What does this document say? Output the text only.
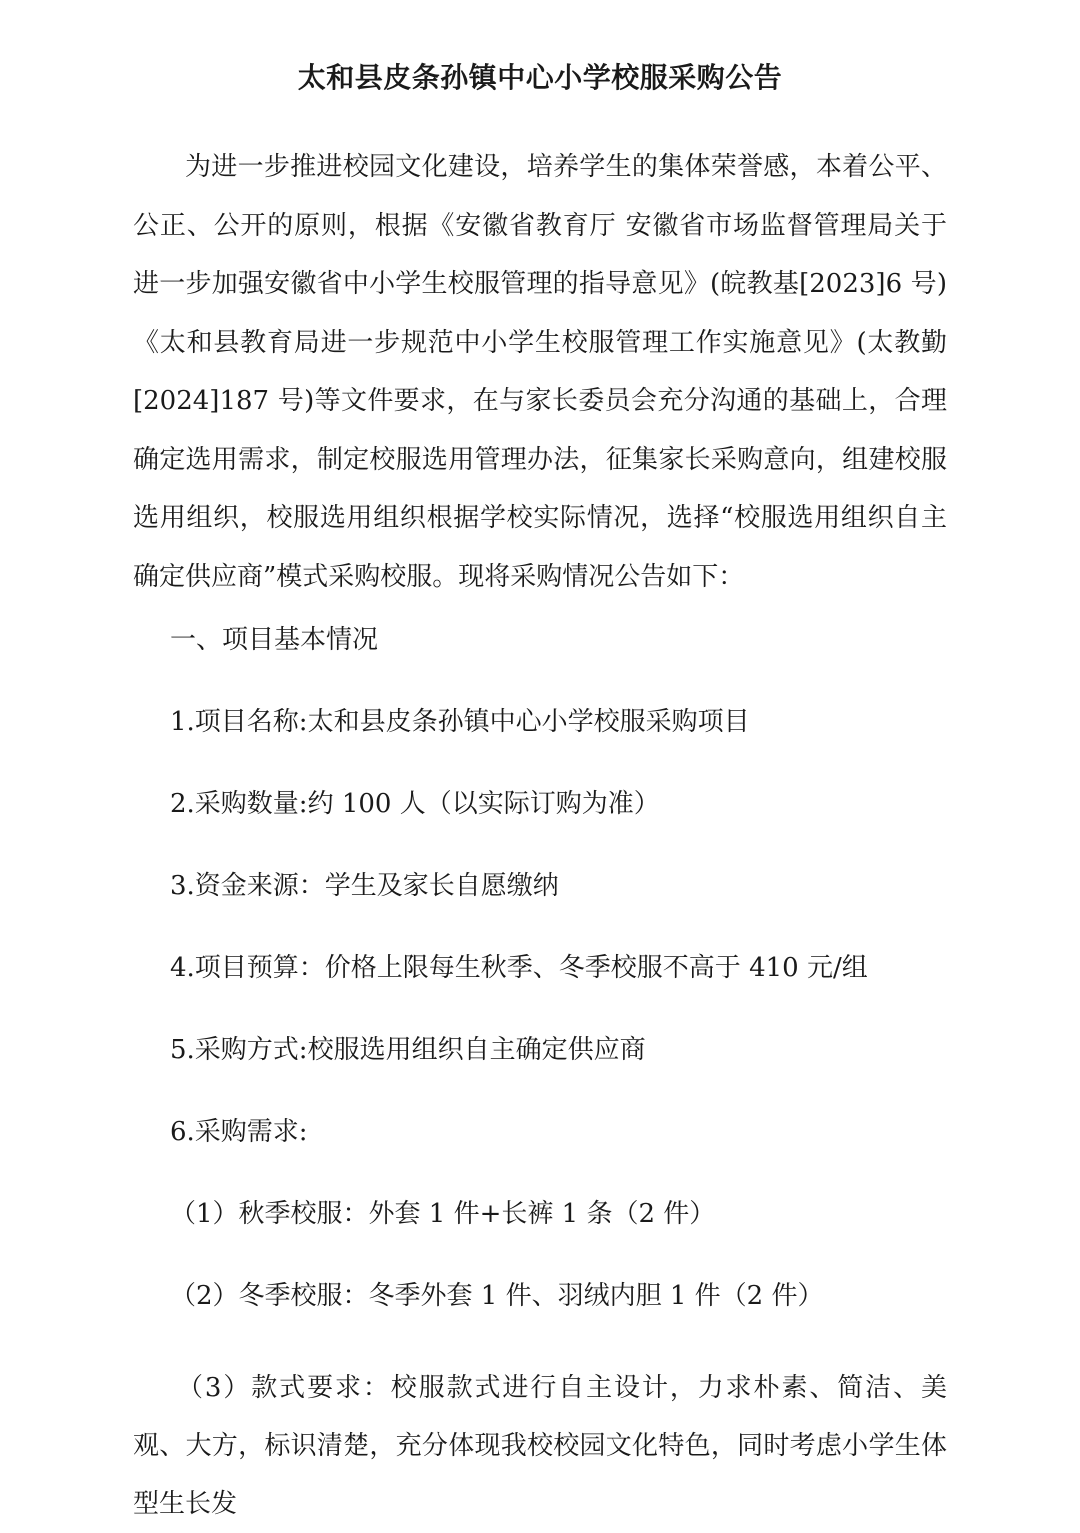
太和县皮条孙镇中心小学校服采购公告

为进一步推进校园文化建设，培养学生的集体荣誉感，本着公平、公正、公开的原则，根据《安徽省教育厅 安徽省市场监督管理局关于进一步加强安徽省中小学生校服管理的指导意见》(皖教基[2023]6 号)《太和县教育局进一步规范中小学生校服管理工作实施意见》(太教勤[2024]187 号)等文件要求，在与家长委员会充分沟通的基础上，合理确定选用需求，制定校服选用管理办法，征集家长采购意向，组建校服选用组织，校服选用组织根据学校实际情况，选择“校服选用组织自主确定供应商”模式采购校服。现将采购情况公告如下：

一、项目基本情况

1.项目名称:太和县皮条孙镇中心小学校服采购项目

2.采购数量:约 100 人（以实际订购为准）

3.资金来源：学生及家长自愿缴纳

4.项目预算：价格上限每生秋季、冬季校服不高于 410 元/组

5.采购方式:校服选用组织自主确定供应商

6.采购需求:

（1）秋季校服：外套 1 件+长裤 1 条（2 件）

（2）冬季校服：冬季外套 1 件、羽绒内胆 1 件（2 件）

（3）款式要求：校服款式进行自主设计，力求朴素、简洁、美观、大方，标识清楚，充分体现我校校园文化特色，同时考虑小学生体型生长发
